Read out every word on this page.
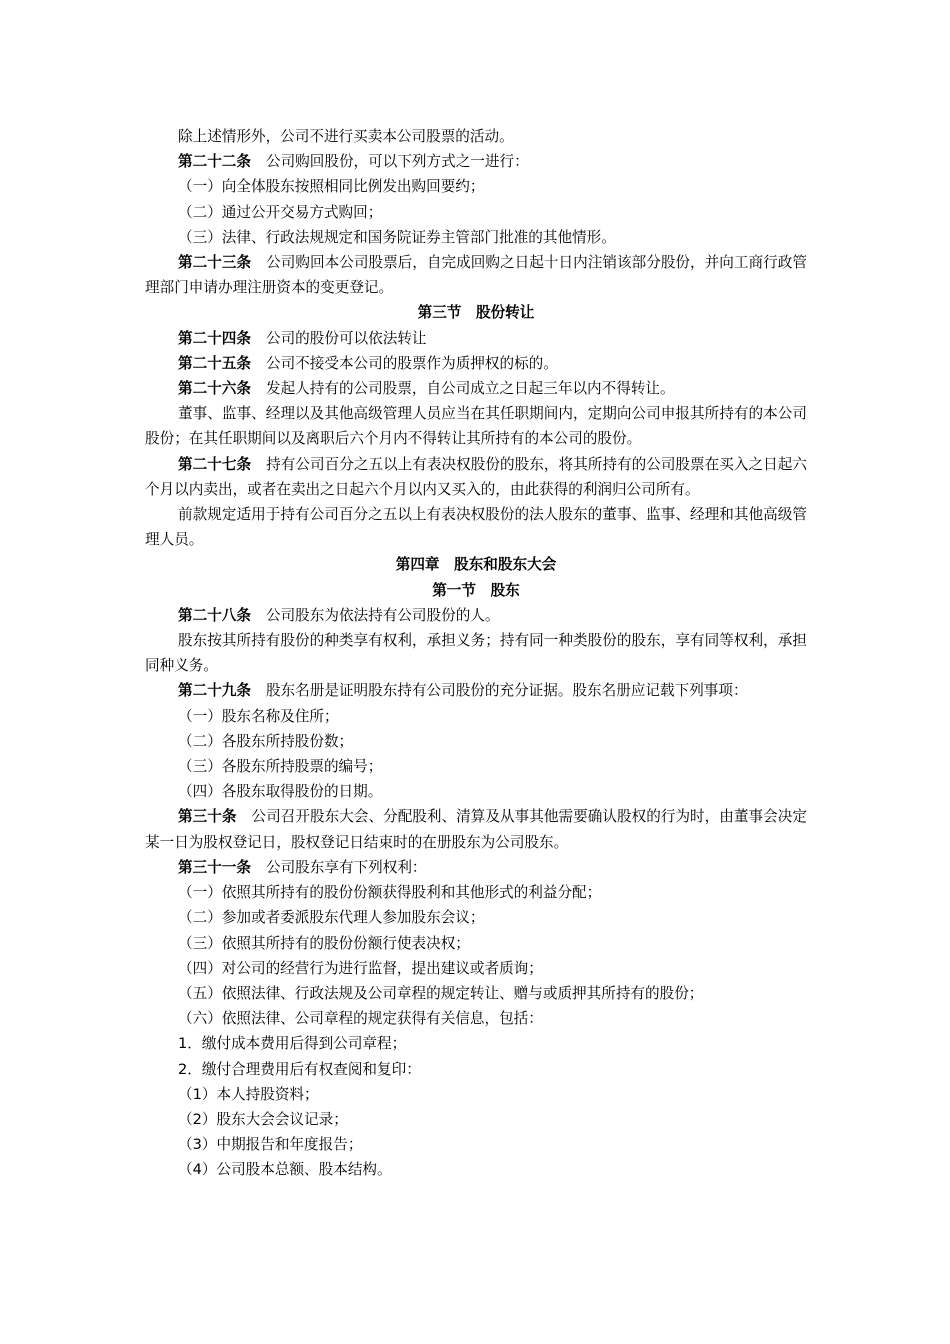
除上述情形外，公司不进行买卖本公司股票的活动。

第二十二条 公司购回股份，可以下列方式之一进行：

（一）向全体股东按照相同比例发出购回要约；

（二）通过公开交易方式购回；

（三）法律、行政法规规定和国务院证券主管部门批准的其他情形。

第二十三条 公司购回本公司股票后，自完成回购之日起十日内注销该部分股份，并向工商行政管理部门申请办理注册资本的变更登记。

第三节　股份转让

第二十四条 公司的股份可以依法转让

第二十五条 公司不接受本公司的股票作为质押权的标的。

第二十六条 发起人持有的公司股票，自公司成立之日起三年以内不得转让。

董事、监事、经理以及其他高级管理人员应当在其任职期间内，定期向公司申报其所持有的本公司股份；在其任职期间以及离职后六个月内不得转让其所持有的本公司的股份。

第二十七条 持有公司百分之五以上有表决权股份的股东，将其所持有的公司股票在买入之日起六个月以内卖出，或者在卖出之日起六个月以内又买入的，由此获得的利润归公司所有。

前款规定适用于持有公司百分之五以上有表决权股份的法人股东的董事、监事、经理和其他高级管理人员。

第四章　股东和股东大会

第一节　股东

第二十八条 公司股东为依法持有公司股份的人。

股东按其所持有股份的种类享有权利，承担义务；持有同一种类股份的股东，享有同等权利，承担同种义务。

第二十九条 股东名册是证明股东持有公司股份的充分证据。股东名册应记载下列事项：

（一）股东名称及住所；

（二）各股东所持股份数；

（三）各股东所持股票的编号；

（四）各股东取得股份的日期。

第三十条 公司召开股东大会、分配股利、清算及从事其他需要确认股权的行为时，由董事会决定某一日为股权登记日，股权登记日结束时的在册股东为公司股东。

第三十一条 公司股东享有下列权利：

（一）依照其所持有的股份份额获得股利和其他形式的利益分配；

（二）参加或者委派股东代理人参加股东会议；

（三）依照其所持有的股份份额行使表决权；

（四）对公司的经营行为进行监督，提出建议或者质询；

（五）依照法律、行政法规及公司章程的规定转让、赠与或质押其所持有的股份；

（六）依照法律、公司章程的规定获得有关信息，包括：

1．缴付成本费用后得到公司章程；

2．缴付合理费用后有权查阅和复印：

（1）本人持股资料；

（2）股东大会会议记录；

（3）中期报告和年度报告；

（4）公司股本总额、股本结构。
